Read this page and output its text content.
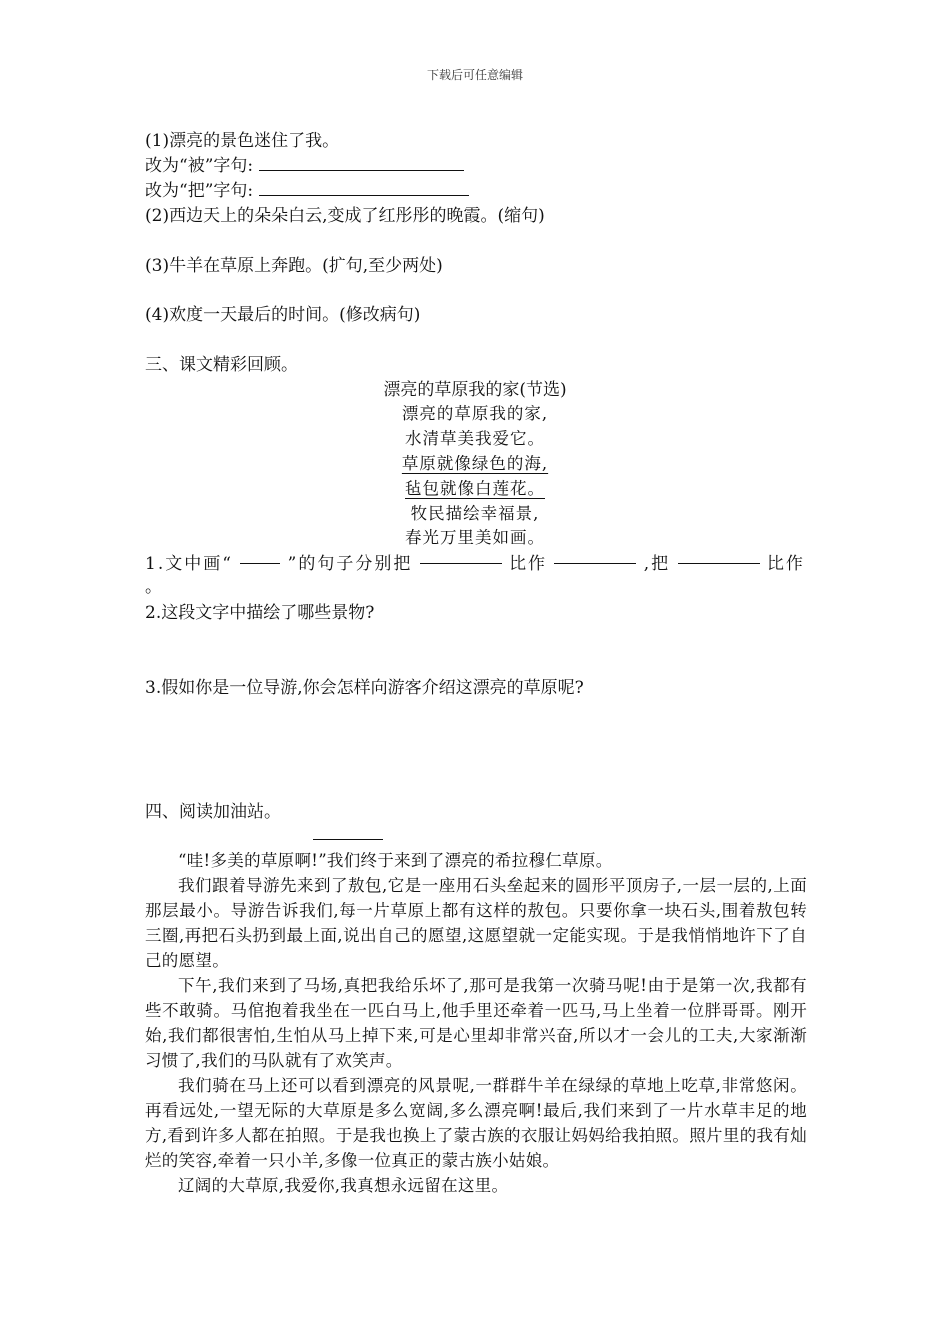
下载后可任意编辑
(1)漂亮的景色迷住了我。
改为“被”字句:
改为“把”字句:
(2)西边天上的朵朵白云,变成了红彤彤的晚霞。(缩句)
(3)牛羊在草原上奔跑。(扩句,至少两处)
(4)欢度一天最后的时间。(修改病句)
三、课文精彩回顾。
漂亮的草原我的家(节选)
漂亮的草原我的家,
水清草美我爱它。
草原就像绿色的海,
毡包就像白莲花。
牧民描绘幸福景,
春光万里美如画。
1.文中画“	”的句子分别把	比作	,把	比作
。
2.这段文字中描绘了哪些景物?
3.假如你是一位导游,你会怎样向游客介绍这漂亮的草原呢?
四、阅读加油站。
“哇!多美的草原啊!”我们终于来到了漂亮的希拉穆仁草原。
我们跟着导游先来到了敖包,它是一座用石头垒起来的圆形平顶房子,一层一层的,上面那层最小。导游告诉我们,每一片草原上都有这样的敖包。只要你拿一块石头,围着敖包转三圈,再把石头扔到最上面,说出自己的愿望,这愿望就一定能实现。于是我悄悄地许下了自己的愿望。
下午,我们来到了马场,真把我给乐坏了,那可是我第一次骑马呢!由于是第一次,我都有些不敢骑。马倌抱着我坐在一匹白马上,他手里还牵着一匹马,马上坐着一位胖哥哥。刚开始,我们都很害怕,生怕从马上掉下来,可是心里却非常兴奋,所以才一会儿的工夫,大家渐渐习惯了,我们的马队就有了欢笑声。
我们骑在马上还可以看到漂亮的风景呢,一群群牛羊在绿绿的草地上吃草,非常悠闲。再看远处,一望无际的大草原是多么宽阔,多么漂亮啊!最后,我们来到了一片水草丰足的地方,看到许多人都在拍照。于是我也换上了蒙古族的衣服让妈妈给我拍照。照片里的我有灿烂的笑容,牵着一只小羊,多像一位真正的蒙古族小姑娘。
辽阔的大草原,我爱你,我真想永远留在这里。
